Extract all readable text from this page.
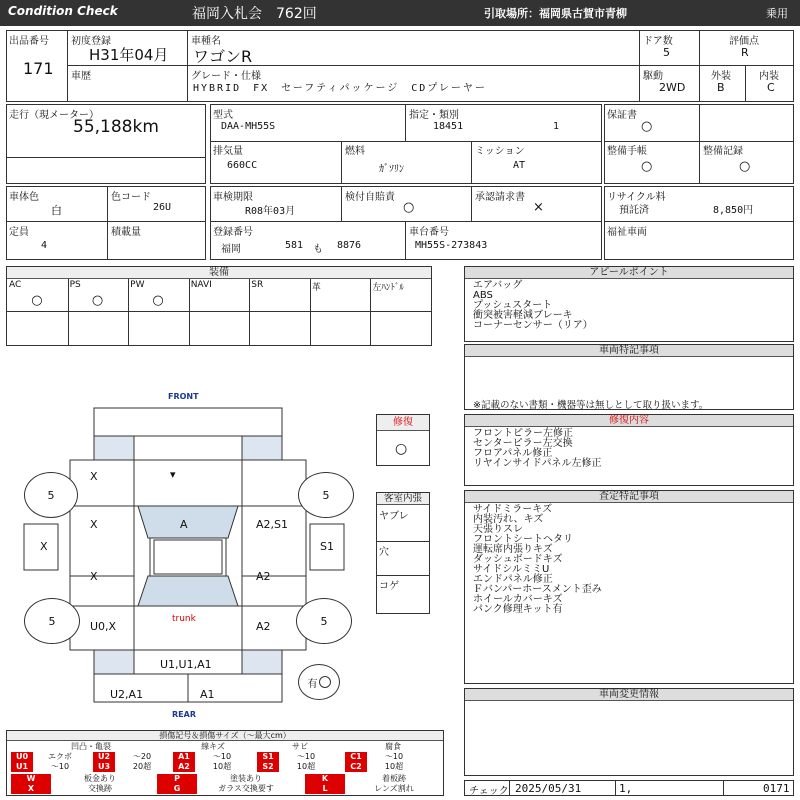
Condition Check	福岡入札会　762回	引取場所：福岡県古賀市青柳	乗用
出品番号
171
初度登録
H31年04月
車歴
車種名
ワゴンR
グレード・仕様
HYBRID　FX　セーフティパッケージ　CDプレーヤー
ドア数
5
評価点
R
駆動
2WD
外装
B
内装
C
走行（現メーター）
55,188km
型式
DAA-MH55S
指定・類別
18451	1
排気量
660CC
燃料
ｶﾞｿﾘﾝ
ミッション
AT
保証書
○
整備手帳
○
整備記録
○
車体色
白
色コード
26U
定員
4
積載量
車検期限
R08年03月
検付自賠責
○
承認請求書
×
登録番号
福岡	581 も 8876
車台番号
MH55S-273843
リサイクル料
預託済	8,850円
福祉車両
装備
AC
○
PS
○
PW
○
NAVI	SR	革	左ﾊﾝﾄﾞﾙ
アピールポイント
エアバッグ
ABS
プッシュスタート
衝突被害軽減ブレーキ
コーナーセンサー（リア）
車両特記事項
※記載のない書類・機器等は無しとして取り扱います。
修復内容
フロントピラー左修正
センターピラー左交換
フロアパネル修正
リヤインサイドパネル左修正
査定特記事項
サイドミラーキズ
内装汚れ、キズ
天張りスレ
フロントシートヘタリ
運転席内張りキズ
ダッシュボードキズ
サイドシルミミU
エンドパネル修正
Ｆバンパーホースメント歪み
ホイールカバーキズ
パンク修理キット有
車両変更情報
チェック 2025/05/31	1,	0171
修復
○
客室内張
ヤブレ
穴
コゲ
FRONT
REAR
trunk
5	5
5	5
X	▾
X
X
X
A	A2,S1
S1
A2
U0,X	A2
U1,U1,A1
U2,A1	A1
有
損傷記号＆損傷サイズ（〜最大cm）
凹凸・亀裂	線キズ	サビ	腐食
U0	エクボ	U2	〜20	A1	〜10	S1	〜10	C1	〜10
U1	〜10	U3	20超	A2	10超	S2	10超	C2	10超
W	板金あり	P	塗装あり	K	着板跡
X	交換跡	G	ガラス交換要す	L	レンズ割れ
